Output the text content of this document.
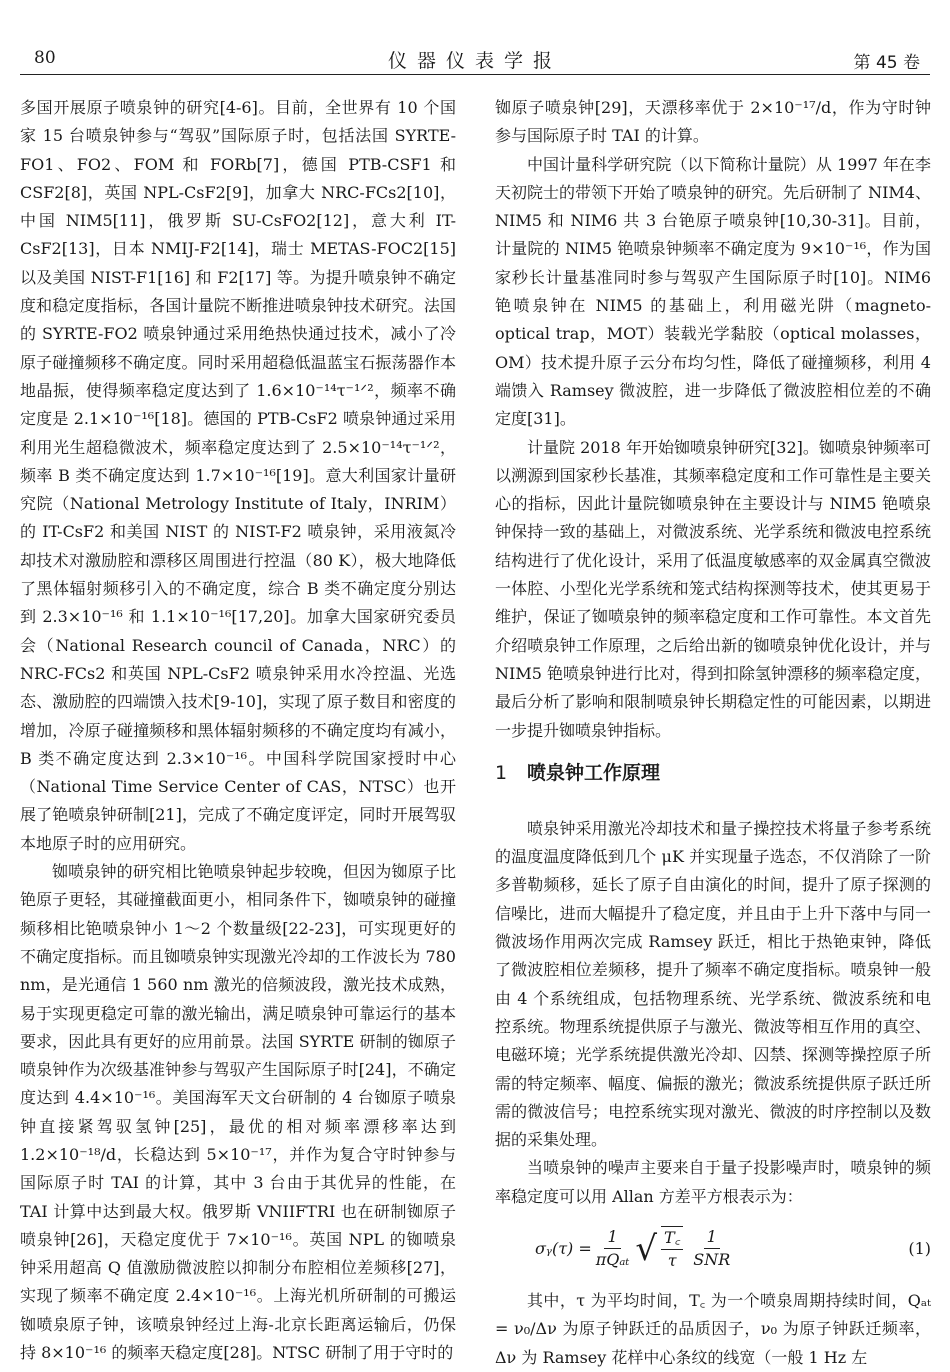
80	仪器仪表学报	第 45 卷

多国开展原子喷泉钟的研究[4-6]。目前，全世界有 10 个国家 15 台喷泉钟参与“驾驭”国际原子时，包括法国 SYRTE-FO1、FO2、FOM 和 FORb[7]，德国 PTB-CSF1 和 CSF2[8]，英国 NPL-CsF2[9]，加拿大 NRC-FCs2[10]，中国 NIM5[11]，俄罗斯 SU-CsFO2[12]，意大利 IT-CsF2[13]，日本 NMIJ-F2[14]，瑞士 METAS-FOC2[15] 以及美国 NIST-F1[16] 和 F2[17] 等。为提升喷泉钟不确定度和稳定度指标，各国计量院不断推进喷泉钟技术研究。法国的 SYRTE-FO2 喷泉钟通过采用绝热快通过技术，减小了冷原子碰撞频移不确定度。同时采用超稳低温蓝宝石振荡器作本地晶振，使得频率稳定度达到了 1.6×10⁻¹⁴τ⁻¹ᐟ²，频率不确定度是 2.1×10⁻¹⁶[18]。德国的 PTB-CsF2 喷泉钟通过采用利用光生超稳微波术，频率稳定度达到了 2.5×10⁻¹⁴τ⁻¹ᐟ²，频率 B 类不确定度达到 1.7×10⁻¹⁶[19]。意大利国家计量研究院（National Metrology Institute of Italy，INRIM）的 IT-CsF2 和美国 NIST 的 NIST-F2 喷泉钟，采用液氮冷却技术对激励腔和漂移区周围进行控温（80 K），极大地降低了黑体辐射频移引入的不确定度，综合 B 类不确定度分别达到 2.3×10⁻¹⁶ 和 1.1×10⁻¹⁶[17,20]。加拿大国家研究委员会（National Research council of Canada，NRC）的 NRC-FCs2 和英国 NPL-CsF2 喷泉钟采用水冷控温、光选态、激励腔的四端馈入技术[9-10]，实现了原子数目和密度的增加，冷原子碰撞频移和黑体辐射频移的不确定度均有减小，B 类不确定度达到 2.3×10⁻¹⁶。中国科学院国家授时中心（National Time Service Center of CAS，NTSC）也开展了铯喷泉钟研制[21]，完成了不确定度评定，同时开展驾驭本地原子时的应用研究。

铷喷泉钟的研究相比铯喷泉钟起步较晚，但因为铷原子比铯原子更轻，其碰撞截面更小，相同条件下，铷喷泉钟的碰撞频移相比铯喷泉钟小 1～2 个数量级[22-23]，可实现更好的不确定度指标。而且铷喷泉钟实现激光冷却的工作波长为 780 nm，是光通信 1 560 nm 激光的倍频波段，激光技术成熟，易于实现更稳定可靠的激光输出，满足喷泉钟可靠运行的基本要求，因此具有更好的应用前景。法国 SYRTE 研制的铷原子喷泉钟作为次级基准钟参与驾驭产生国际原子时[24]，不确定度达到 4.4×10⁻¹⁶。美国海军天文台研制的 4 台铷原子喷泉钟直接紧驾驭氢钟[25]，最优的相对频率漂移率达到 1.2×10⁻¹⁸/d，长稳达到 5×10⁻¹⁷，并作为复合守时钟参与国际原子时 TAI 的计算，其中 3 台由于其优异的性能，在 TAI 计算中达到最大权。俄罗斯 VNIIFTRI 也在研制铷原子喷泉钟[26]，天稳定度优于 7×10⁻¹⁶。英国 NPL 的铷喷泉钟采用超高 Q 值激励微波腔以抑制分布腔相位差频移[27]，实现了频率不确定度 2.4×10⁻¹⁶。上海光机所研制的可搬运铷喷泉原子钟，该喷泉钟经过上海-北京长距离运输后，仍保持 8×10⁻¹⁶ 的频率天稳定度[28]。NTSC 研制了用于守时的

铷原子喷泉钟[29]，天漂移率优于 2×10⁻¹⁷/d，作为守时钟参与国际原子时 TAI 的计算。

中国计量科学研究院（以下简称计量院）从 1997 年在李天初院士的带领下开始了喷泉钟的研究。先后研制了 NIM4、NIM5 和 NIM6 共 3 台铯原子喷泉钟[10,30-31]。目前，计量院的 NIM5 铯喷泉钟频率不确定度为 9×10⁻¹⁶，作为国家秒长计量基准同时参与驾驭产生国际原子时[10]。NIM6 铯喷泉钟在 NIM5 的基础上，利用磁光阱（magneto-optical trap，MOT）装载光学黏胶（optical molasses，OM）技术提升原子云分布均匀性，降低了碰撞频移，利用 4 端馈入 Ramsey 微波腔，进一步降低了微波腔相位差的不确定度[31]。

计量院 2018 年开始铷喷泉钟研究[32]。铷喷泉钟频率可以溯源到国家秒长基准，其频率稳定度和工作可靠性是主要关心的指标，因此计量院铷喷泉钟在主要设计与 NIM5 铯喷泉钟保持一致的基础上，对微波系统、光学系统和微波电控系统结构进行了优化设计，采用了低温度敏感率的双金属真空微波一体腔、小型化光学系统和笼式结构探测等技术，使其更易于维护，保证了铷喷泉钟的频率稳定度和工作可靠性。本文首先介绍喷泉钟工作原理，之后给出新的铷喷泉钟优化设计，并与 NIM5 铯喷泉钟进行比对，得到扣除氢钟漂移的频率稳定度，最后分析了影响和限制喷泉钟长期稳定性的可能因素，以期进一步提升铷喷泉钟指标。

1 喷泉钟工作原理

喷泉钟采用激光冷却技术和量子操控技术将量子参考系统的温度温度降低到几个 μK 并实现量子选态，不仅消除了一阶多普勒频移，延长了原子自由演化的时间，提升了原子探测的信噪比，进而大幅提升了稳定度，并且由于上升下落中与同一微波场作用两次完成 Ramsey 跃迁，相比于热铯束钟，降低了微波腔相位差频移，提升了频率不确定度指标。喷泉钟一般由 4 个系统组成，包括物理系统、光学系统、微波系统和电控系统。物理系统提供原子与激光、微波等相互作用的真空、电磁环境；光学系统提供激光冷却、囚禁、探测等操控原子所需的特定频率、幅度、偏振的激光；微波系统提供原子跃迁所需的微波信号；电控系统实现对激光、微波的时序控制以及数据的采集处理。

当喷泉钟的噪声主要来自于量子投影噪声时，喷泉钟的频率稳定度可以用 Allan 方差平方根表示为：

σᵧ(τ) = $\frac{1}{\text{πQₐₜ}}$ √ $\frac{T꜀}{\tau} \frac{1}{\text{SNR}}$	(1)

其中，τ 为平均时间，T꜀ 为一个喷泉周期持续时间，Qₐₜ = ν₀/Δν 为原子钟跃迁的品质因子，ν₀ 为原子钟跃迁频率，Δν 为 Ramsey 花样中心条纹的线宽（一般 1 Hz 左
